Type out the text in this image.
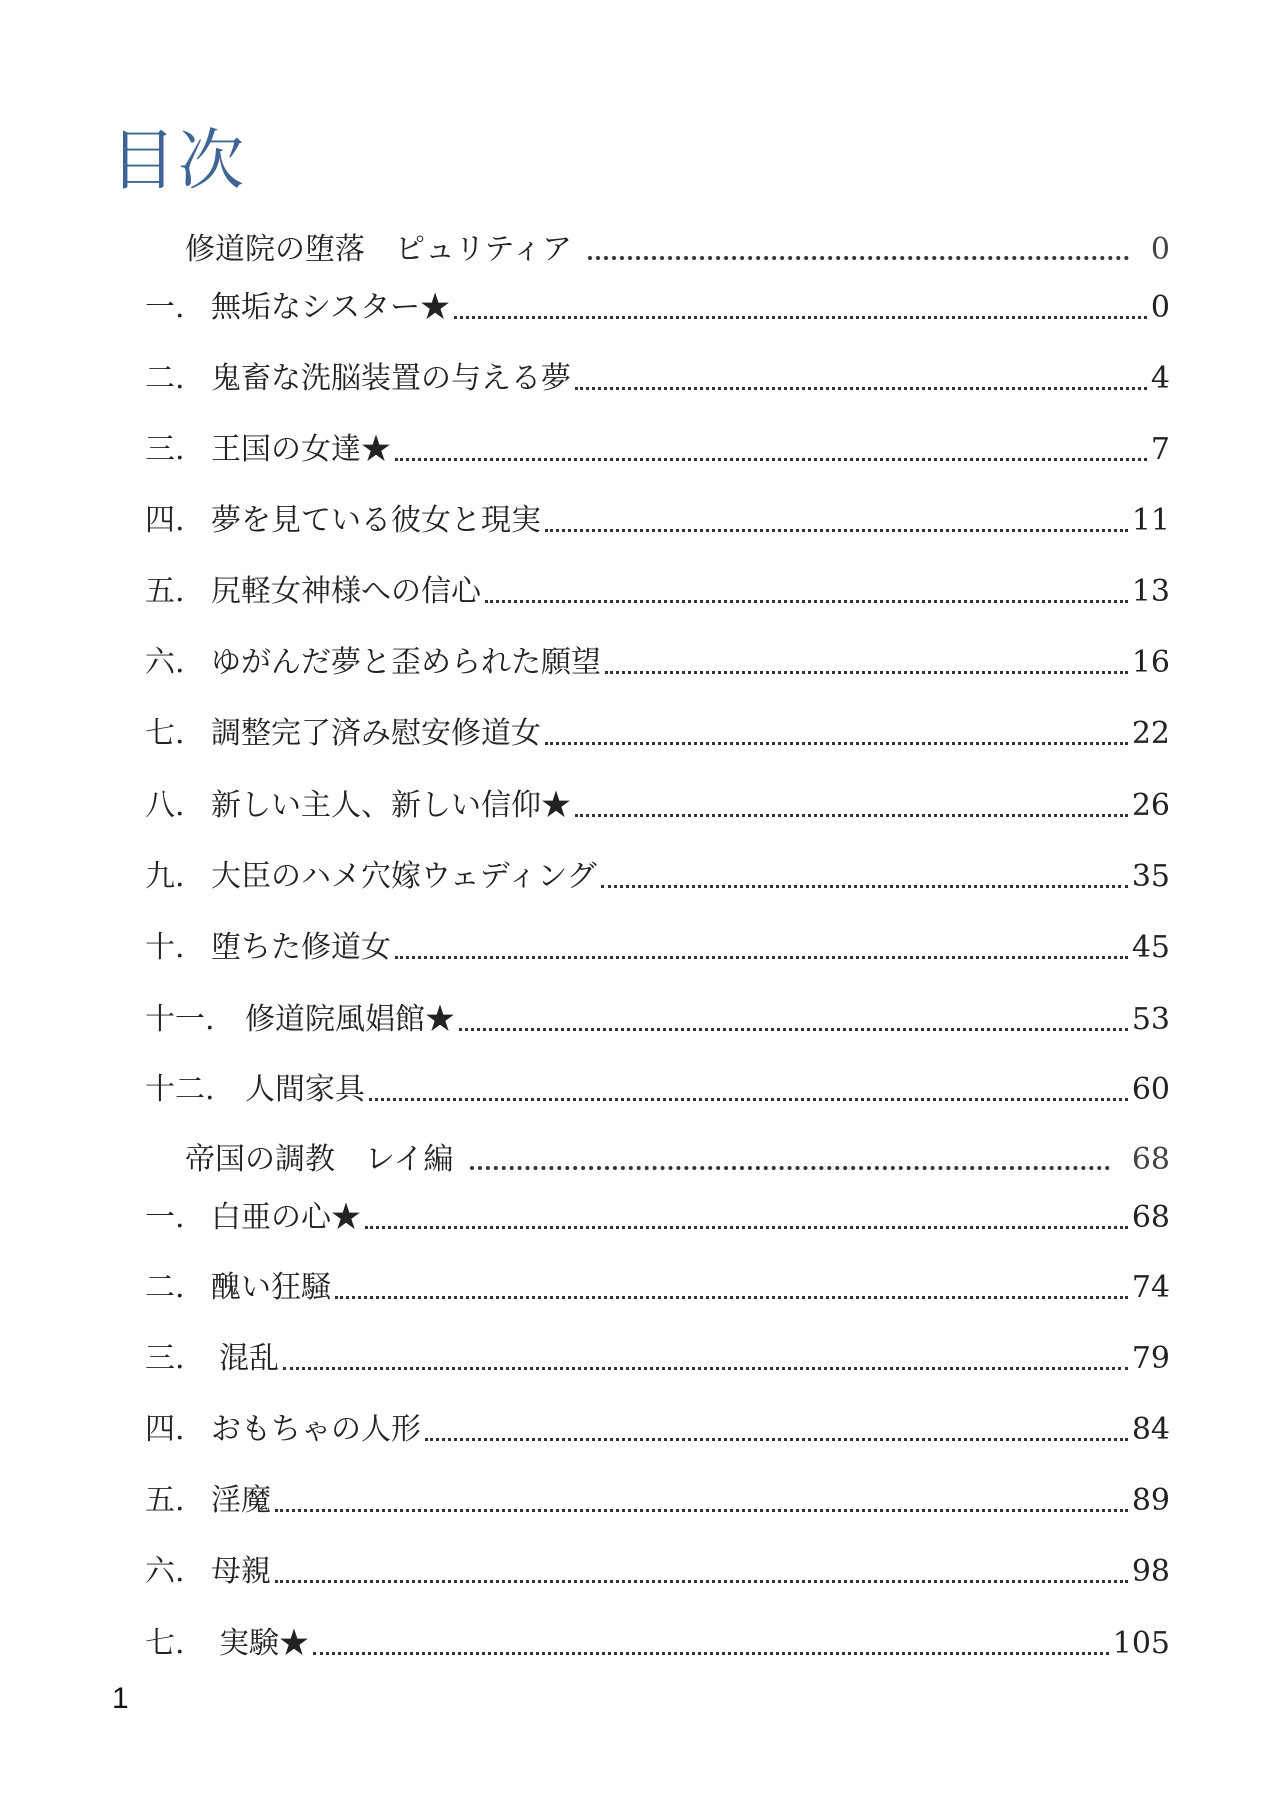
目次
修道院の堕落　ピュリティア	0
一. 無垢なシスター★	0
二. 鬼畜な洗脳装置の与える夢	4
三. 王国の女達★	7
四. 夢を見ている彼女と現実	11
五. 尻軽女神様への信心	13
六. ゆがんだ夢と歪められた願望	16
七. 調整完了済み慰安修道女	22
八. 新しい主人、新しい信仰★	26
九. 大臣のハメ穴嫁ウェディング	35
十. 堕ちた修道女	45
十一.	修道院風娼館★	53
十二.	人間家具	60
帝国の調教　レイ編	68
一. 白亜の心★	68
二. 醜い狂騒	74
三.	混乱	79
四. おもちゃの人形	84
五. 淫魔	89
六. 母親	98
七.	実験★	105
1
